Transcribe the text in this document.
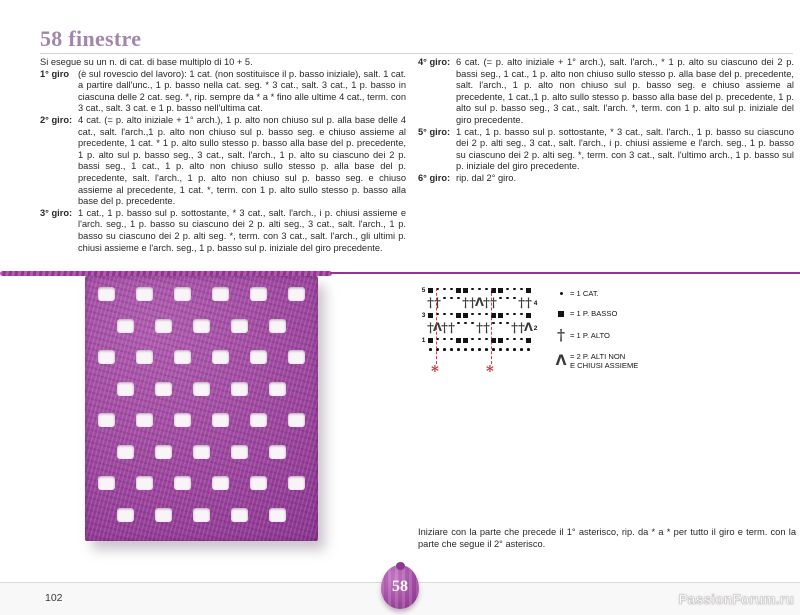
58 finestre

Si esegue su un n. di cat. di base multiplo di 10 + 5.

1° giro (è sul rovescio del lavoro): 1 cat. (non sostituisce il p. basso iniziale), salt. 1 cat. a partire dall'unc., 1 p. basso nella cat. seg. * 3 cat., salt. 3 cat., 1 p. basso in ciascuna delle 2 cat. seg. *, rip. sempre da * a * fino alle ultime 4 cat., term. con 3 cat., salt. 3 cat. e 1 p. basso nell'ultima cat.
2° giro: 4 cat. (= p. alto iniziale + 1° arch.), 1 p. alto non chiuso sul p. alla base delle 4 cat., salt. l'arch.,1 p. alto non chiuso sul p. basso seg. e chiuso assieme al precedente, 1 cat. * 1 p. alto sullo stesso p. basso alla base del p. precedente, 1 p. alto sul p. basso seg., 3 cat., salt. l'arch., 1 p. alto su ciascuno dei 2 p. bassi seg., 1 cat., 1 p. alto non chiuso sullo stesso p. alla base del p. precedente, salt. l'arch., 1 p. alto non chiuso sul p. basso seg. e chiuso assieme al precedente, 1 cat. *, term. con 1 p. alto sullo stesso p. basso alla base del p. precedente.
3° giro: 1 cat., 1 p. basso sul p. sottostante, * 3 cat., salt. l'arch., i p. chiusi assieme e l'arch. seg., 1 p. basso su ciascuno dei 2 p. alti seg., 3 cat., salt. l'arch., 1 p. basso su ciascuno dei 2 p. alti seg. *, term. con 3 cat., salt. l'arch., gli ultimi p. chiusi assieme e l'arch. seg., 1 p. basso sul p. iniziale del giro precedente.
4° giro: 6 cat. (= p. alto iniziale + 1° arch.), salt. l'arch., * 1 p. alto su ciascuno dei 2 p. bassi seg., 1 cat., 1 p. alto non chiuso sullo stesso p. alla base del p. precedente, salt. l'arch., 1 p. alto non chiuso sul p. basso seg. e chiuso assieme al precedente, 1 cat.,1 p. alto sullo stesso p. basso alla base del p. precedente, 1 p. alto sul p. basso seg., 3 cat., salt. l'arch. *, term. con 1 p. alto sul p. iniziale del giro precedente.
5° giro: 1 cat., 1 p. basso sul p. sottostante, * 3 cat., salt. l'arch., 1 p. basso su ciascuno dei 2 p. alti seg., 3 cat., salt. l'arch., i p. chiusi assieme e l'arch. seg., 1 p. basso su ciascuno dei 2 p. alti seg. *, term. con 3 cat., salt. l'ultimo arch., 1 p. basso sul p. iniziale del giro precedente.
6° giro: rip. dal 2° giro.
5
† † † † Λ † † † † 4
3
† Λ † † † † † † Λ 2
1
*	*
= 1 CAT.
= 1 P. BASSO
† = 1 P. ALTO
Λ = 2 P. ALTI NON
E CHIUSI ASSIEME

Iniziare con la parte che precede il 1° asterisco, rip. da * a * per tutto il giro e term. con la parte che segue il 2° asterisco.

58
102	PassionForum.ru
